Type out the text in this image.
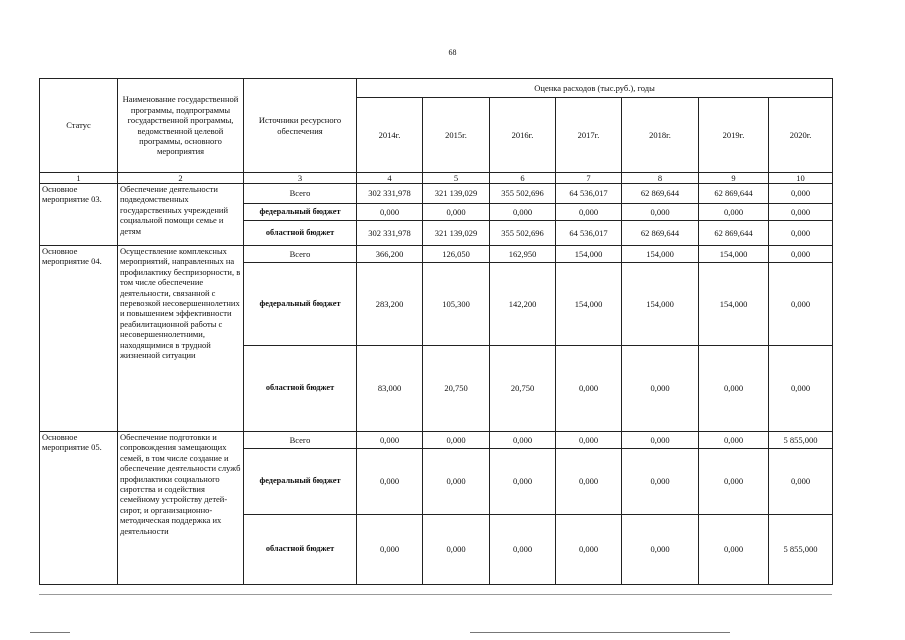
68
Статус	Наименование государственной программы, подпрограммы государственной программы, ведомственной целевой программы, основного мероприятия	Источники ресурсного обеспечения	Оценка расходов (тыс.руб.), годы						
			2014г.	2015г.	2016г.	2017г.	2018г.	2019г.	2020г.
1	2	3	4	5	6	7	8	9	10
Основное мероприятие 03.	Обеспечение деятельности подведомственных государственных учреждений социальной помощи семье и детям	Всего	302 331,978	321 139,029	355 502,696	64 536,017	62 869,644	62 869,644	0,000
		федеральный бюджет	0,000	0,000	0,000	0,000	0,000	0,000	0,000
		областной бюджет	302 331,978	321 139,029	355 502,696	64 536,017	62 869,644	62 869,644	0,000
Основное мероприятие 04.	Осуществление комплексных мероприятий, направленных на профилактику беспризорности, в том числе обеспечение деятельности, связанной с перевозкой несовершеннолетних и повышением эффективности реабилитационной работы с несовершеннолетними, находящимися в трудной жизненной ситуации	Всего	366,200	126,050	162,950	154,000	154,000	154,000	0,000
		федеральный бюджет	283,200	105,300	142,200	154,000	154,000	154,000	0,000
		областной бюджет	83,000	20,750	20,750	0,000	0,000	0,000	0,000
Основное мероприятие 05.	Обеспечение подготовки и сопровождения замещающих семей, в том числе создание и обеспечение деятельности служб профилактики социального сиротства и содействия семейному устройству детей-сирот, и организационно-методическая поддержка их деятельности	Всего	0,000	0,000	0,000	0,000	0,000	0,000	5 855,000
		федеральный бюджет	0,000	0,000	0,000	0,000	0,000	0,000	0,000
		областной бюджет	0,000	0,000	0,000	0,000	0,000	0,000	5 855,000
